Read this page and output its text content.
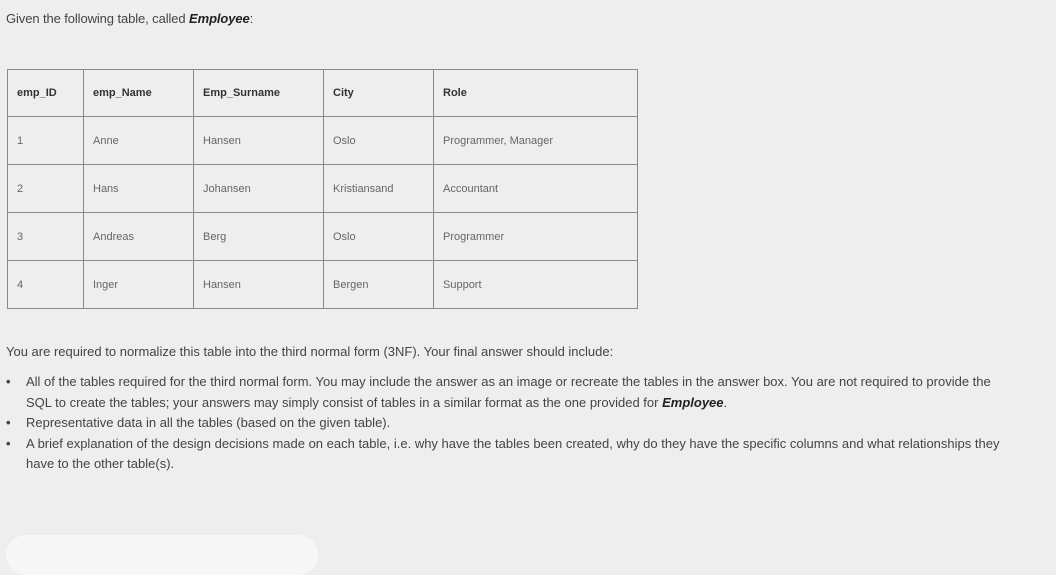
Given the following table, called Employee:
emp_ID	emp_Name	Emp_Surname	City	Role
1	Anne	Hansen	Oslo	Programmer, Manager
2	Hans	Johansen	Kristiansand	Accountant
3	Andreas	Berg	Oslo	Programmer
4	Inger	Hansen	Bergen	Support
You are required to normalize this table into the third normal form (3NF). Your final answer should include:
• All of the tables required for the third normal form. You may include the answer as an image or recreate the tables in the answer box. You are not required to provide the SQL to create the tables; your answers may simply consist of tables in a similar format as the one provided for Employee.
• Representative data in all the tables (based on the given table).
• A brief explanation of the design decisions made on each table, i.e. why have the tables been created, why do they have the specific columns and what relationships they have to the other table(s).
